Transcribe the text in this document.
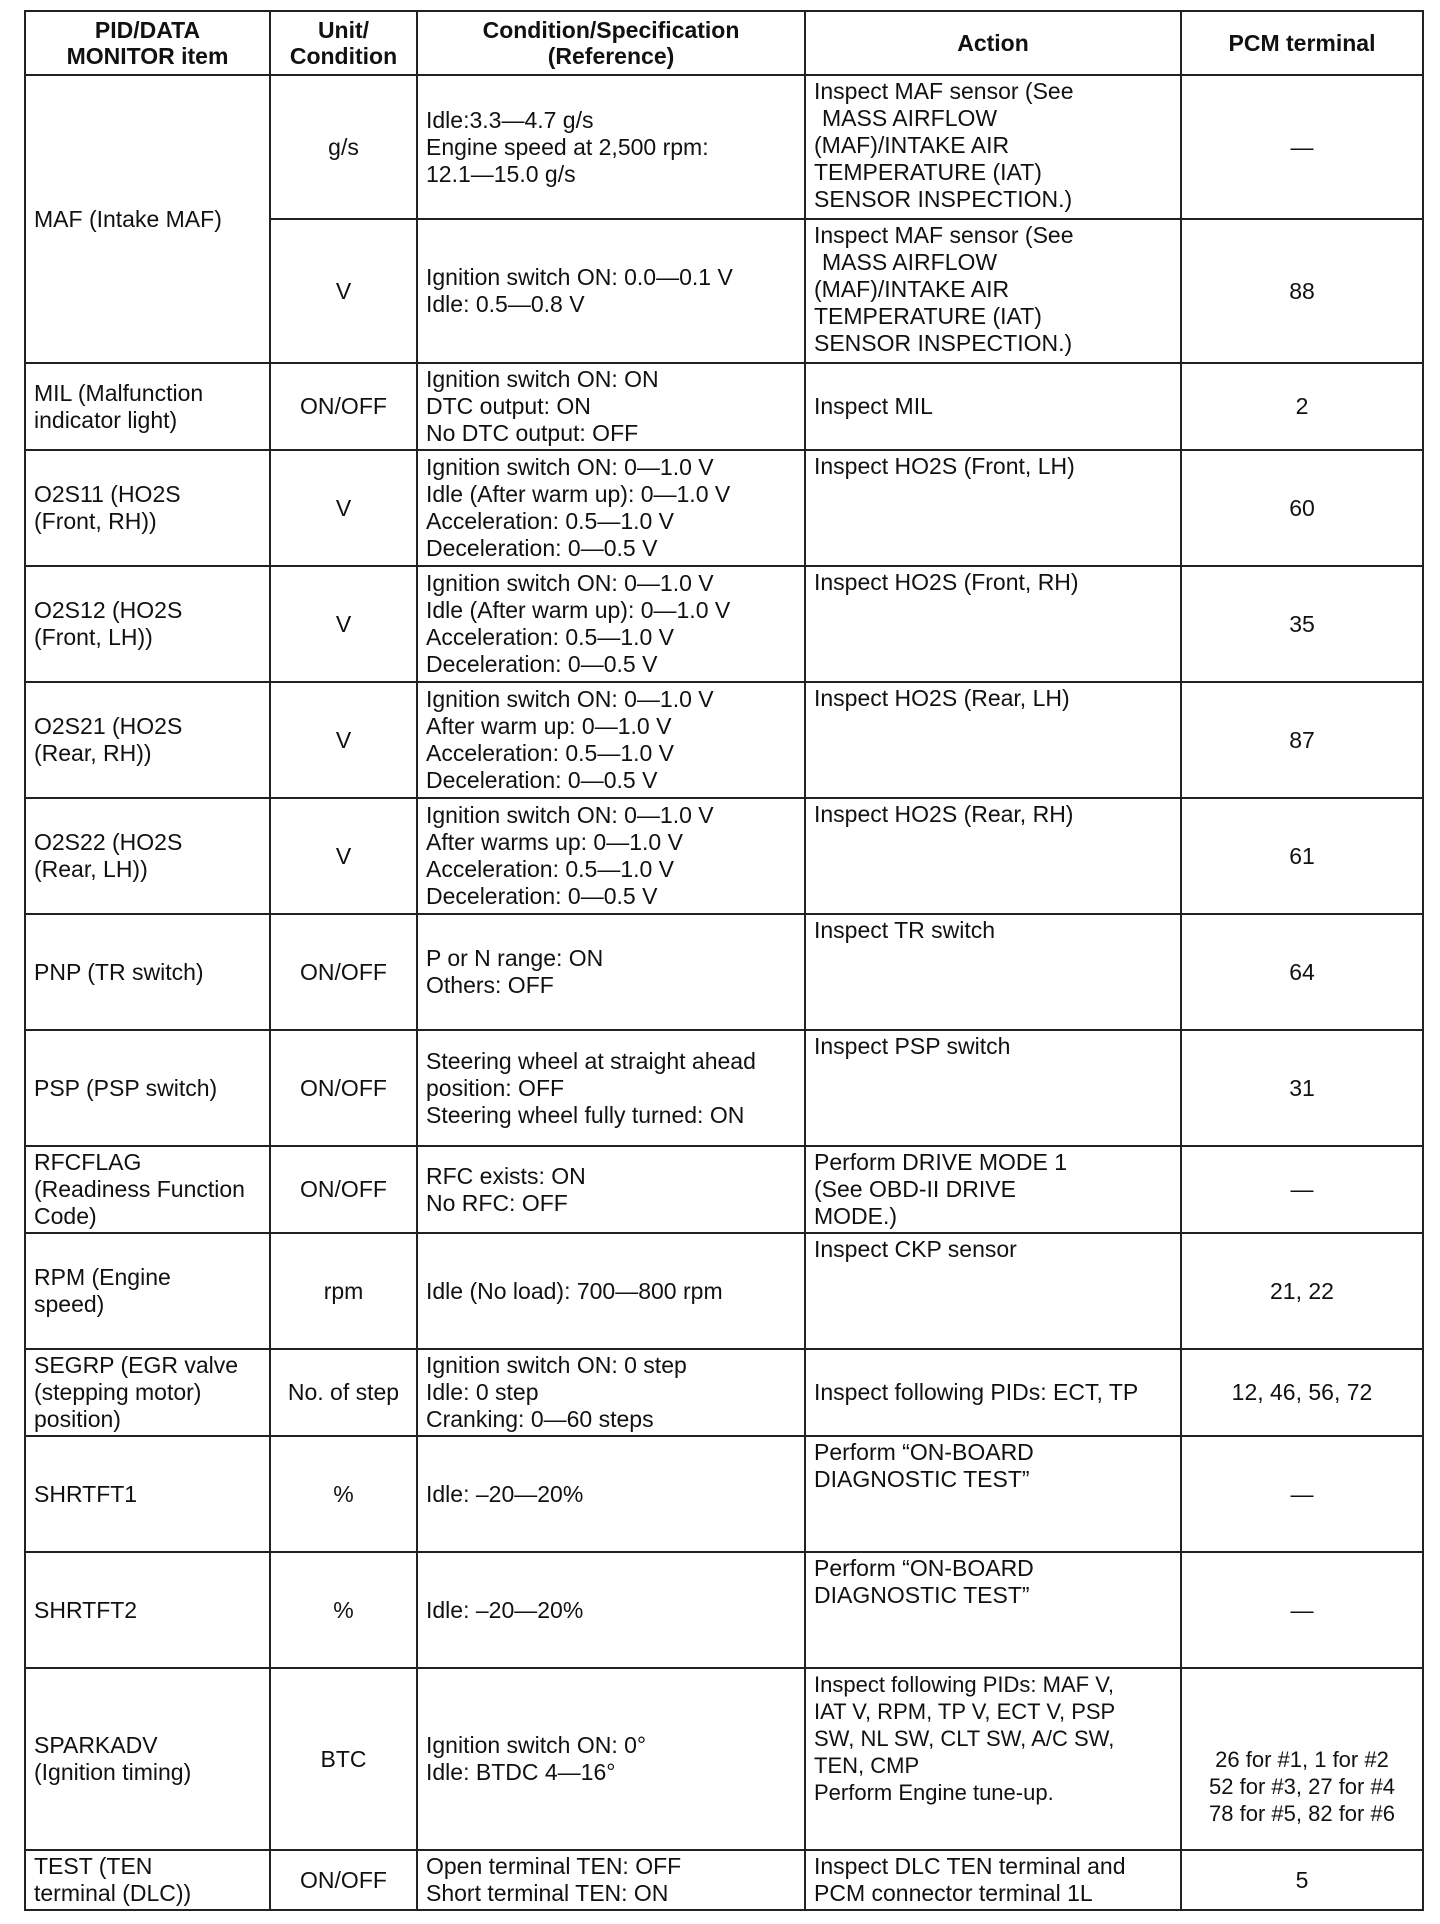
PID/DATA MONITOR item	Unit/ Condition	Condition/Specification (Reference)	Action	PCM terminal
MAF (Intake MAF)	g/s	Idle:3.3—4.7 g/s
Engine speed at 2,500 rpm:
12.1—15.0 g/s	Inspect MAF sensor (See
MASS AIRFLOW
(MAF)/INTAKE AIR
TEMPERATURE (IAT)
SENSOR INSPECTION.)	—
	V	Ignition switch ON: 0.0—0.1 V
Idle: 0.5—0.8 V	Inspect MAF sensor (See
MASS AIRFLOW
(MAF)/INTAKE AIR
TEMPERATURE (IAT)
SENSOR INSPECTION.)	88
MIL (Malfunction indicator light)	ON/OFF	Ignition switch ON: ON
DTC output: ON
No DTC output: OFF	Inspect MIL	2
O2S11 (HO2S (Front, RH))	V	Ignition switch ON: 0—1.0 V
Idle (After warm up): 0—1.0 V
Acceleration: 0.5—1.0 V
Deceleration: 0—0.5 V	Inspect HO2S (Front, LH)	60
O2S12 (HO2S (Front, LH))	V	Ignition switch ON: 0—1.0 V
Idle (After warm up): 0—1.0 V
Acceleration: 0.5—1.0 V
Deceleration: 0—0.5 V	Inspect HO2S (Front, RH)	35
O2S21 (HO2S (Rear, RH))	V	Ignition switch ON: 0—1.0 V
After warm up: 0—1.0 V
Acceleration: 0.5—1.0 V
Deceleration: 0—0.5 V	Inspect HO2S (Rear, LH)	87
O2S22 (HO2S (Rear, LH))	V	Ignition switch ON: 0—1.0 V
After warms up: 0—1.0 V
Acceleration: 0.5—1.0 V
Deceleration: 0—0.5 V	Inspect HO2S (Rear, RH)	61
PNP (TR switch)	ON/OFF	P or N range: ON
Others: OFF	Inspect TR switch	64
PSP (PSP switch)	ON/OFF	Steering wheel at straight ahead
position: OFF
Steering wheel fully turned: ON	Inspect PSP switch	31
RFCFLAG (Readiness Function Code)	ON/OFF	RFC exists: ON
No RFC: OFF	Perform DRIVE MODE 1
(See OBD-II DRIVE
MODE.)	—
RPM (Engine speed)	rpm	Idle (No load): 700—800 rpm	Inspect CKP sensor	21, 22
SEGRP (EGR valve (stepping motor) position)	No. of step	Ignition switch ON: 0 step
Idle: 0 step
Cranking: 0—60 steps	Inspect following PIDs: ECT, TP	12, 46, 56, 72
SHRTFT1	%	Idle: –20—20%	Perform “ON-BOARD
DIAGNOSTIC TEST”	—
SHRTFT2	%	Idle: –20—20%	Perform “ON-BOARD
DIAGNOSTIC TEST”	—
SPARKADV (Ignition timing)	BTC	Ignition switch ON: 0°
Idle: BTDC 4—16°	Inspect following PIDs: MAF V,
IAT V, RPM, TP V, ECT V, PSP
SW, NL SW, CLT SW, A/C SW,
TEN, CMP
Perform Engine tune-up.	26 for #1, 1 for #2
52 for #3, 27 for #4
78 for #5, 82 for #6

TEST (TEN terminal (DLC))	ON/OFF	Open terminal TEN: OFF
Short terminal TEN: ON	Inspect DLC TEN terminal and
PCM connector terminal 1L	5
